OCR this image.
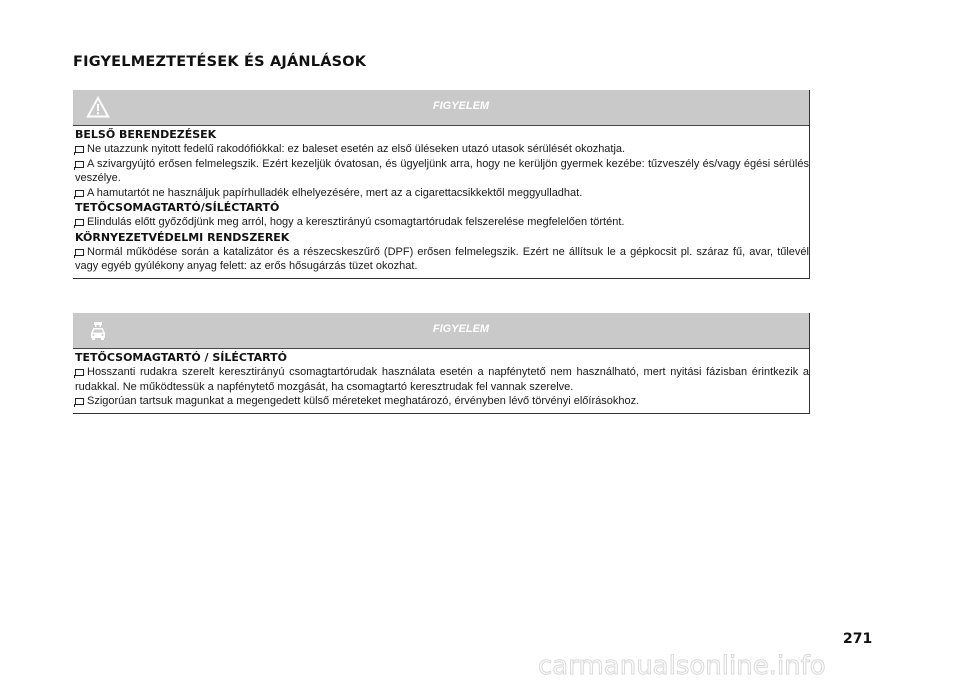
FIGYELMEZTETÉSEK ÉS AJÁNLÁSOK
FIGYELEM
BELSŐ BERENDEZÉSEK
Ne utazzunk nyitott fedelű rakodófiókkal: ez baleset esetén az első üléseken utazó utasok sérülését okozhatja.
A szivargyújtó erősen felmelegszik. Ezért kezeljük óvatosan, és ügyeljünk arra, hogy ne kerüljön gyermek kezébe: tűzveszély és/vagy égési sérülés veszélye.
A hamutartót ne használjuk papírhulladék elhelyezésére, mert az a cigarettacsikkektől meggyulladhat.
TETŐCSOMAGTARTÓ/SÍLÉCTARTÓ
Elindulás előtt győződjünk meg arról, hogy a keresztirányú csomagtartórudak felszerelése megfelelően történt.
KÖRNYEZETVÉDELMI RENDSZEREK
Normál működése során a katalizátor és a részecskeszűrő (DPF) erősen felmelegszik. Ezért ne állítsuk le a gépkocsit pl. száraz fű, avar, tűlevél vagy egyéb gyúlékony anyag felett: az erős hősugárzás tüzet okozhat.
FIGYELEM
TETŐCSOMAGTARTÓ / SÍLÉCTARTÓ
Hosszanti rudakra szerelt keresztirányú csomagtartórudak használata esetén a napfénytető nem használható, mert nyitási fázisban érintkezik a rudakkal. Ne működtessük a napfénytető mozgását, ha csomagtartó keresztrudak fel vannak szerelve.
Szigorúan tartsuk magunkat a megengedett külső méreteket meghatározó, érvényben lévő törvényi előírásokhoz.
271
carmanualsonline.info
